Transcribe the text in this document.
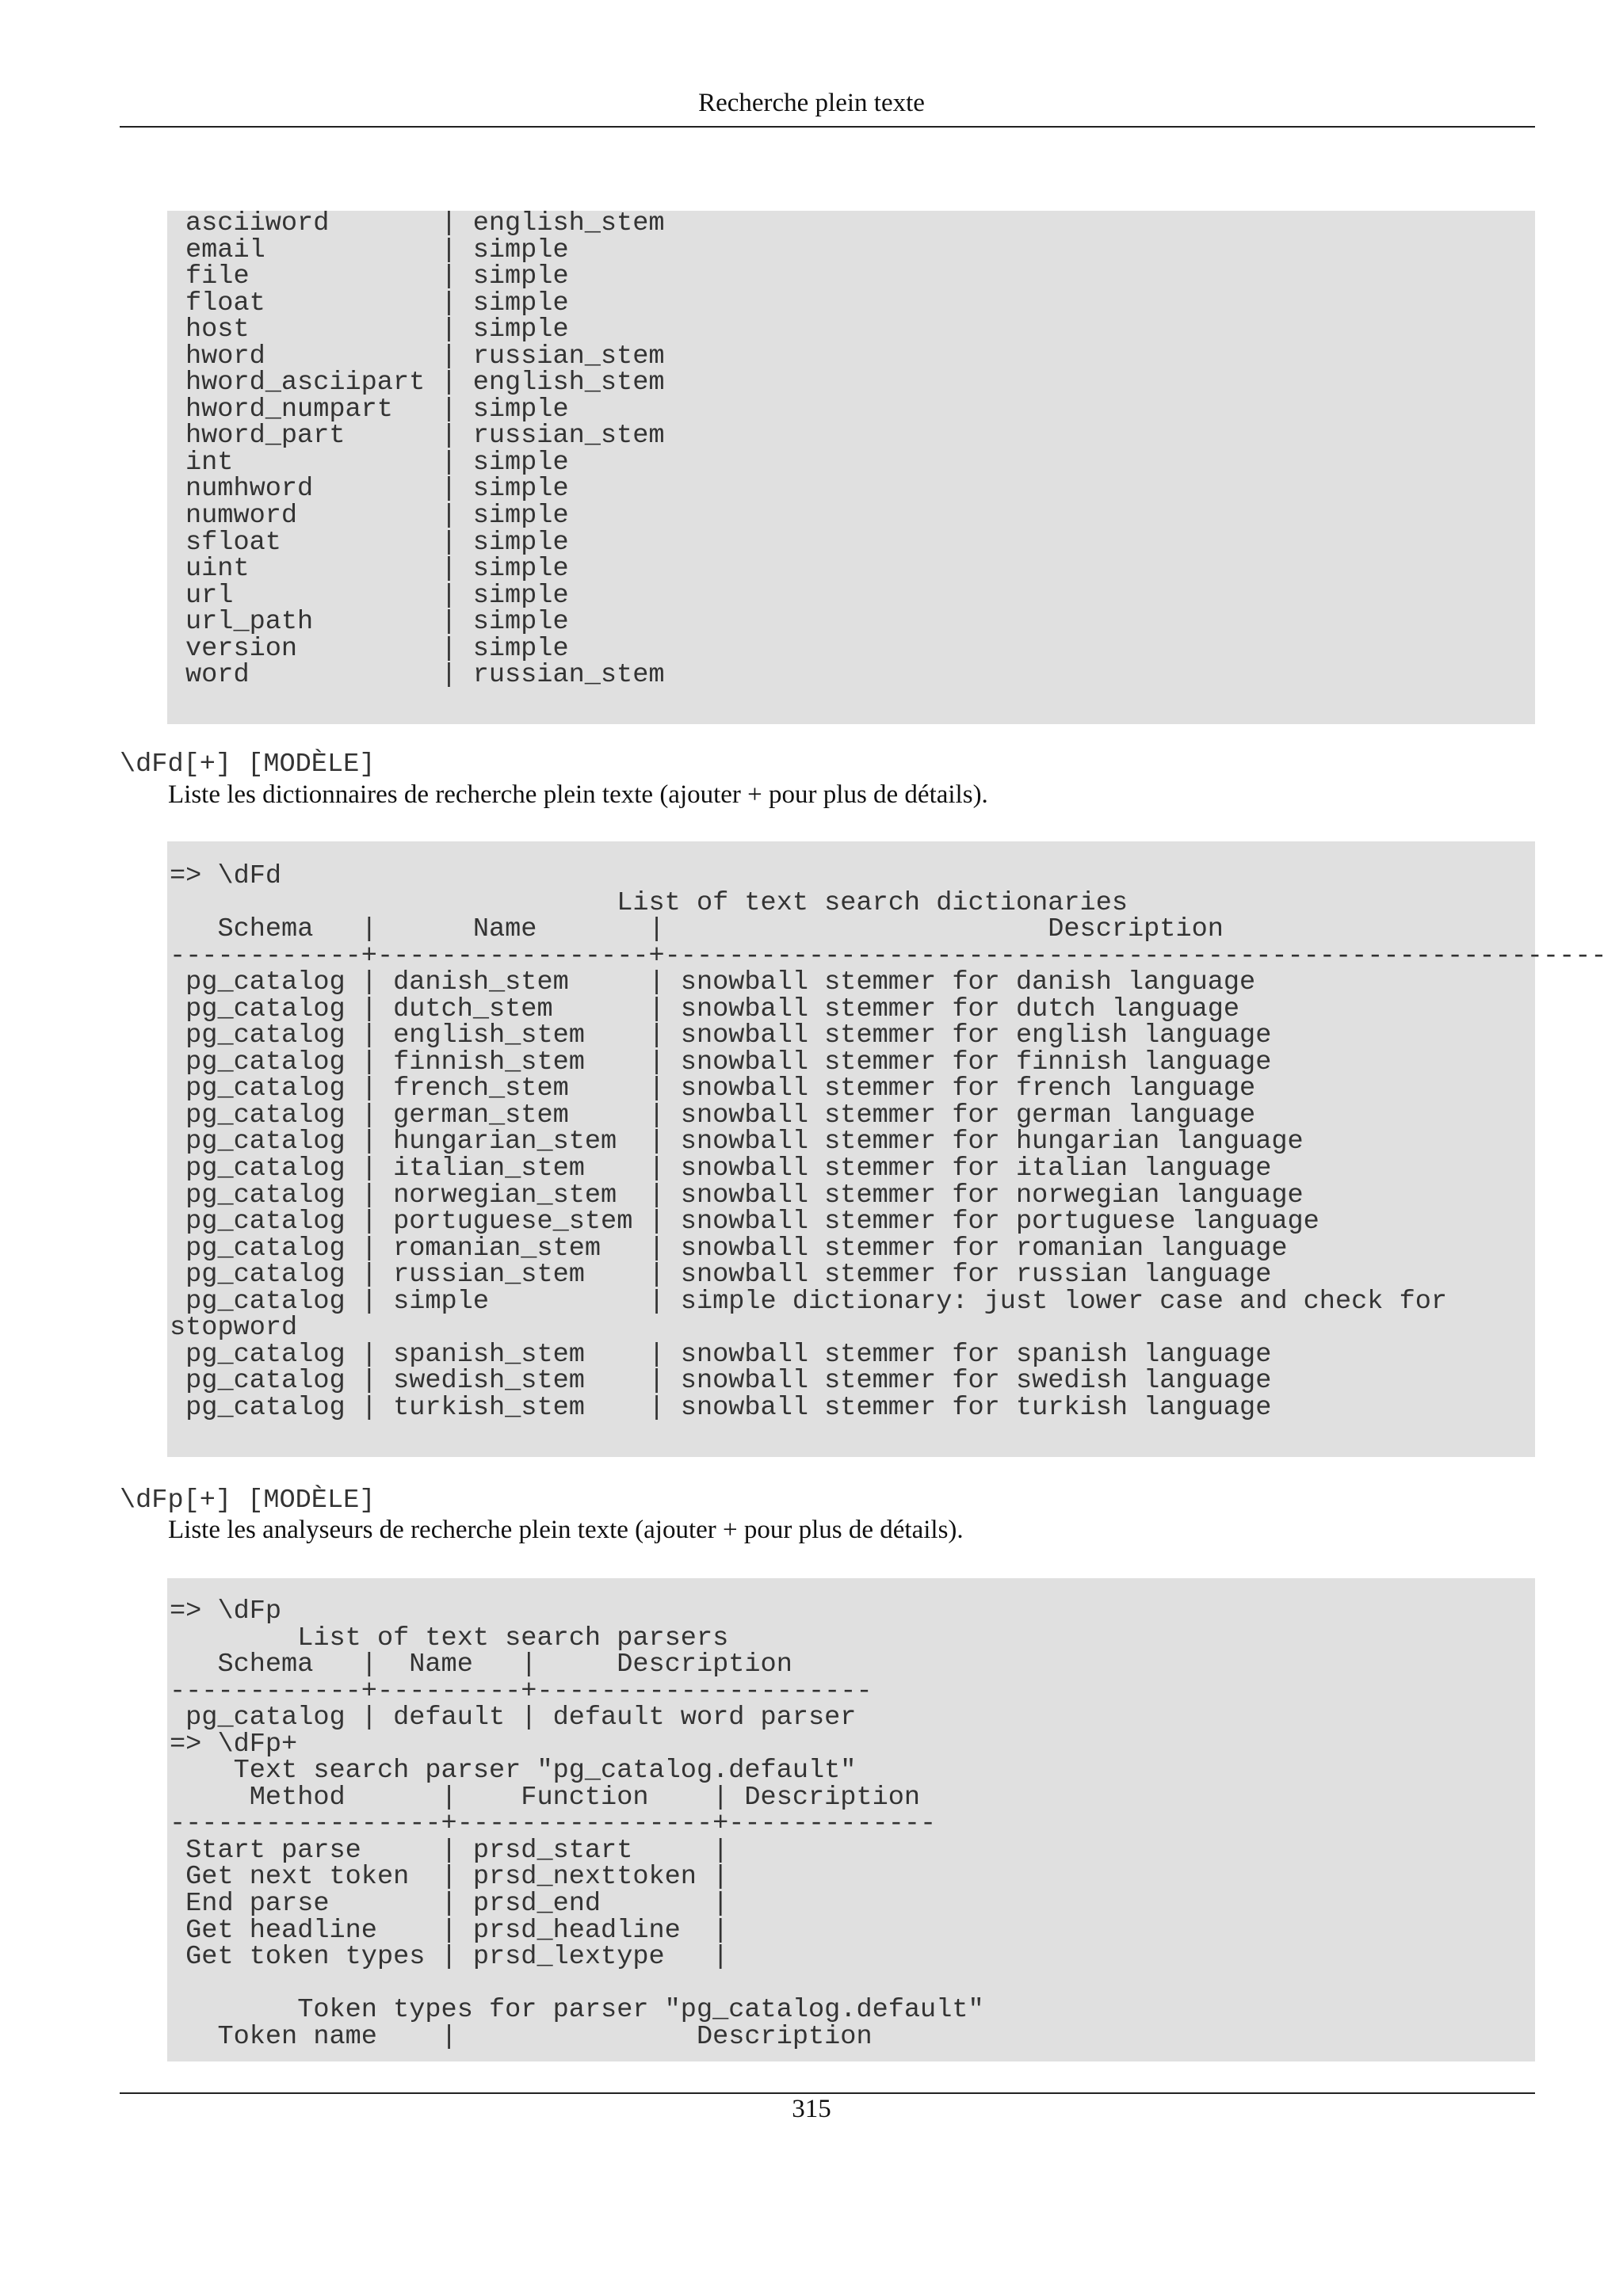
Recherche plein texte
asciiword       | english_stem
email           | simple
file            | simple
float           | simple
host            | simple
hword           | russian_stem
hword_asciipart | english_stem
hword_numpart   | simple
hword_part      | russian_stem
int             | simple
numhword        | simple
numword         | simple
sfloat          | simple
uint            | simple
url             | simple
url_path        | simple
version         | simple
word            | russian_stem
\dFd[+] [MODÈLE]
Liste les dictionnaires de recherche plein texte (ajouter + pour plus de détails).
=> \dFd
List of text search dictionaries
Schema   |      Name       |                        Description
------------+-----------------+-----------------------------------------------------------
pg_catalog | danish_stem     | snowball stemmer for danish language
pg_catalog | dutch_stem      | snowball stemmer for dutch language
pg_catalog | english_stem    | snowball stemmer for english language
pg_catalog | finnish_stem    | snowball stemmer for finnish language
pg_catalog | french_stem     | snowball stemmer for french language
pg_catalog | german_stem     | snowball stemmer for german language
pg_catalog | hungarian_stem  | snowball stemmer for hungarian language
pg_catalog | italian_stem    | snowball stemmer for italian language
pg_catalog | norwegian_stem  | snowball stemmer for norwegian language
pg_catalog | portuguese_stem | snowball stemmer for portuguese language
pg_catalog | romanian_stem   | snowball stemmer for romanian language
pg_catalog | russian_stem    | snowball stemmer for russian language
pg_catalog | simple          | simple dictionary: just lower case and check for
stopword
pg_catalog | spanish_stem    | snowball stemmer for spanish language
pg_catalog | swedish_stem    | snowball stemmer for swedish language
pg_catalog | turkish_stem    | snowball stemmer for turkish language
\dFp[+] [MODÈLE]
Liste les analyseurs de recherche plein texte (ajouter + pour plus de détails).
=> \dFp
List of text search parsers
Schema   |  Name   |     Description
------------+---------+---------------------
pg_catalog | default | default word parser
=> \dFp+
Text search parser "pg_catalog.default"
Method      |    Function    | Description
-----------------+----------------+-------------
Start parse     | prsd_start     |
Get next token  | prsd_nexttoken |
End parse       | prsd_end       |
Get headline    | prsd_headline  |
Get token types | prsd_lextype   |

Token types for parser "pg_catalog.default"
Token name    |               Description
315
